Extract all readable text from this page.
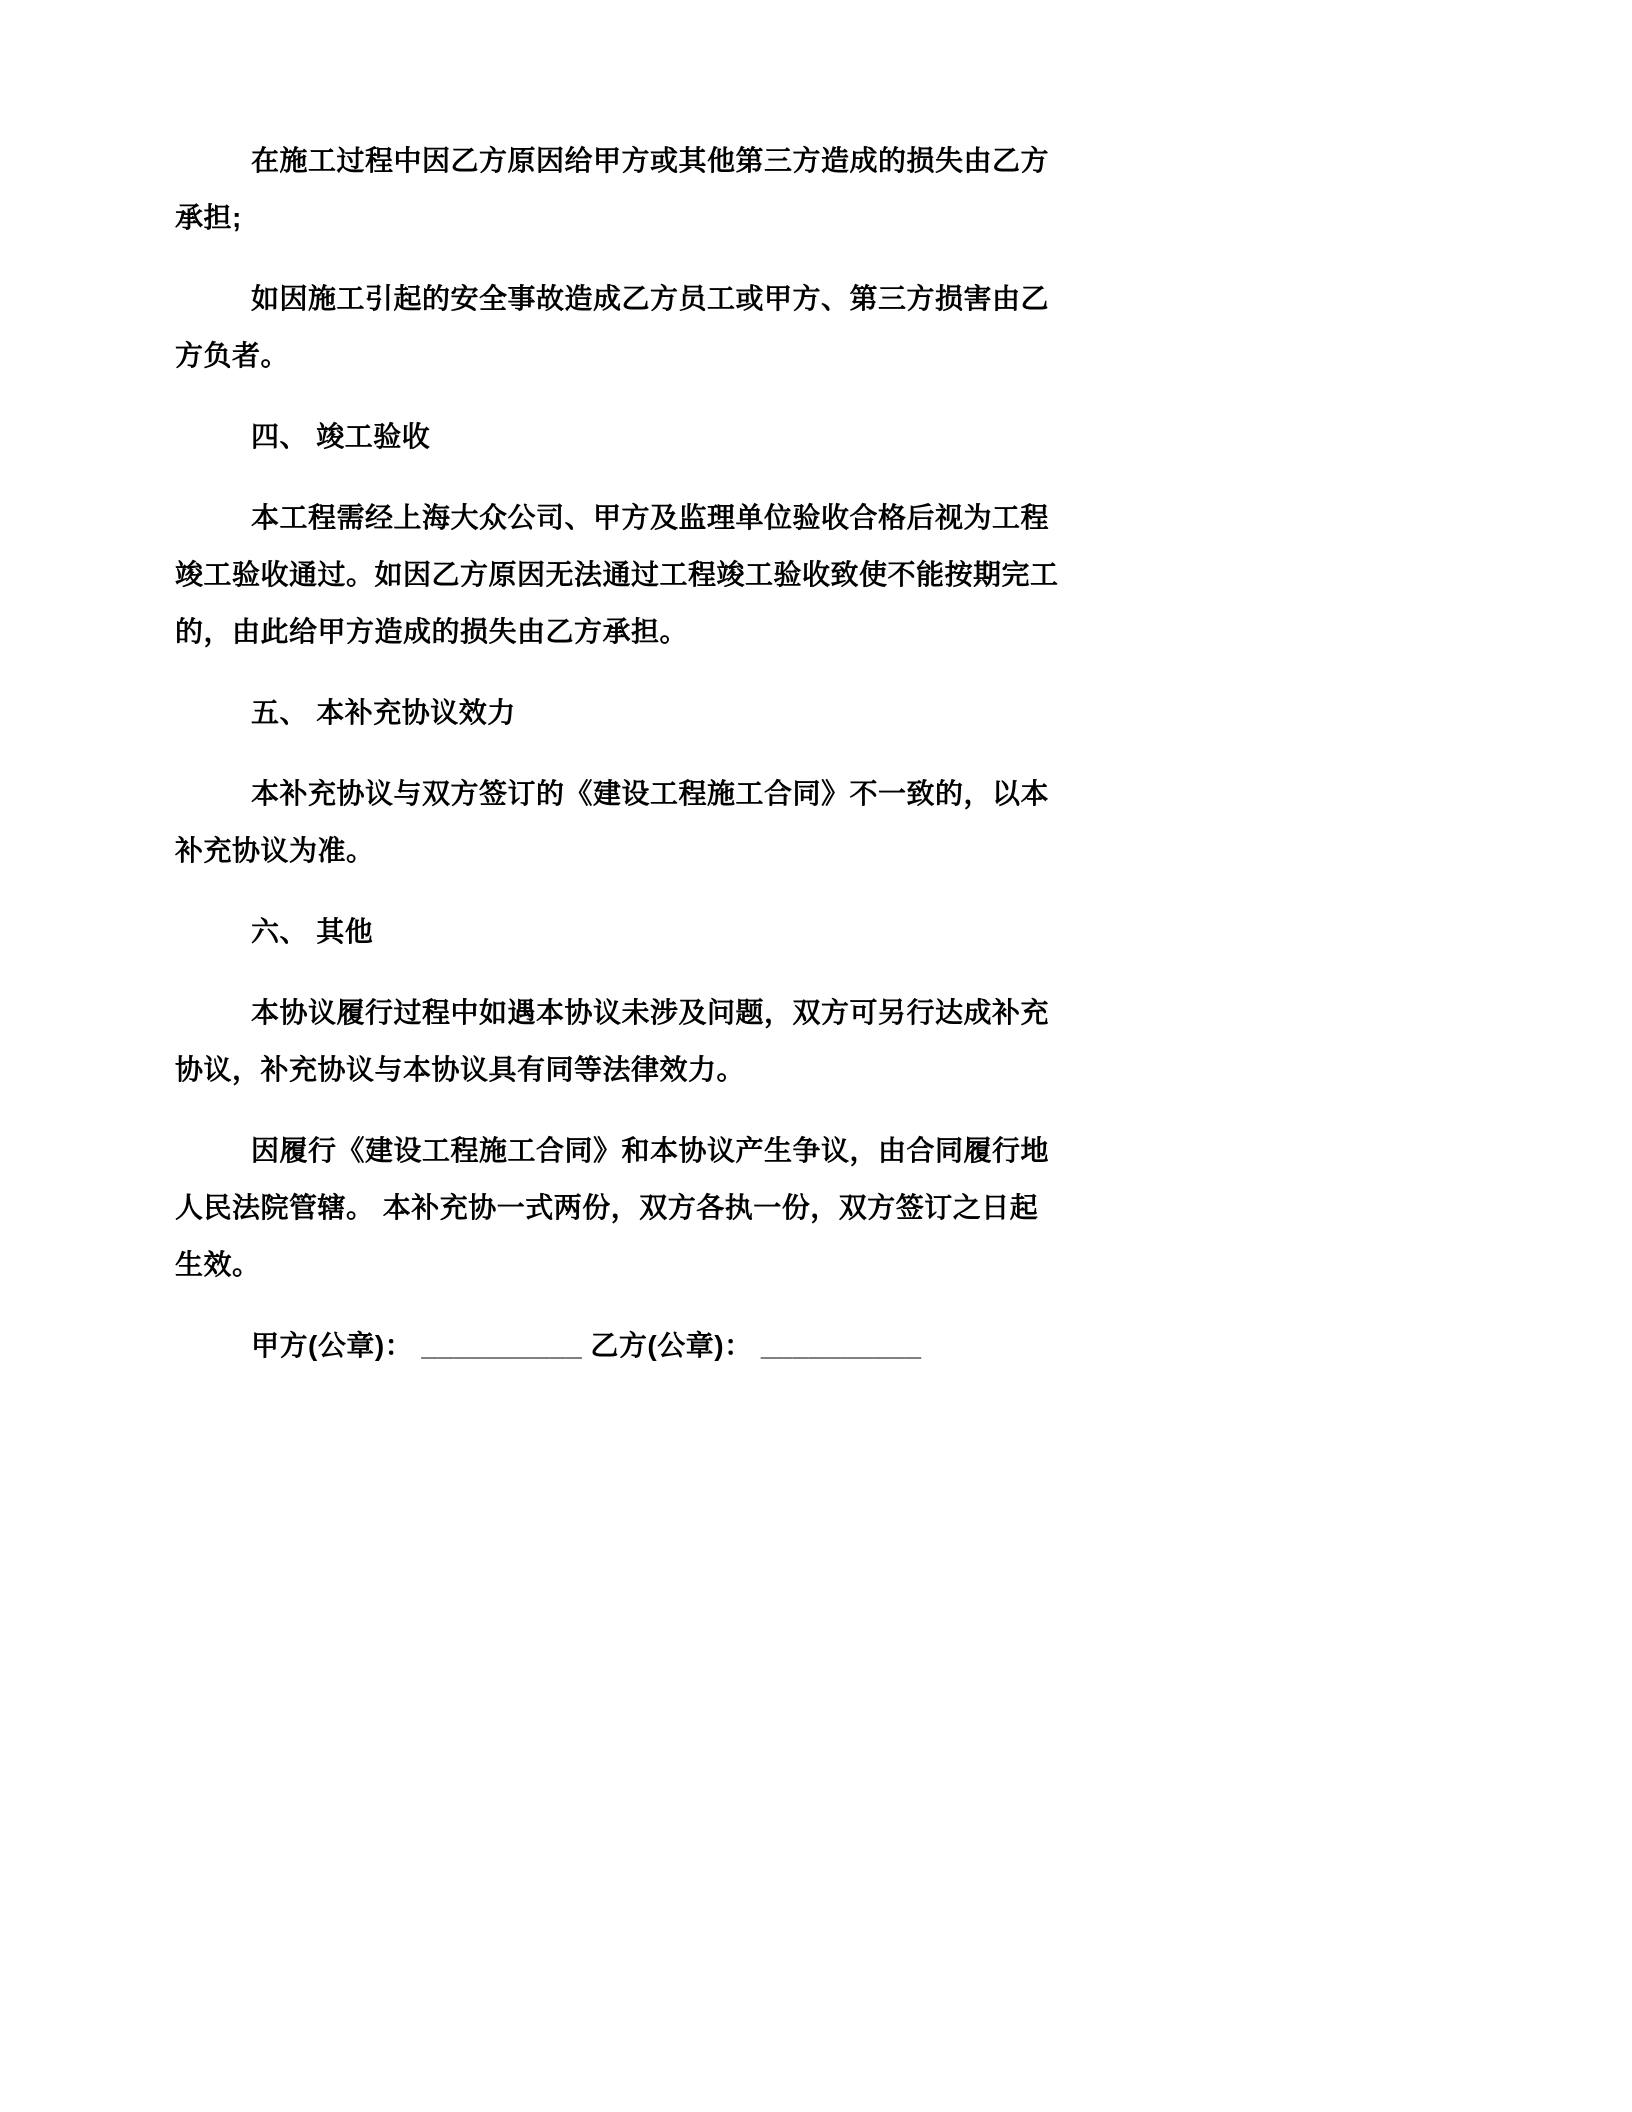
在施工过程中因乙方原因给甲方或其他第三方造成的损失由乙方承担;

如因施工引起的安全事故造成乙方员工或甲方、第三方损害由乙方负者。

四、 竣工验收

本工程需经上海大众公司、甲方及监理单位验收合格后视为工程竣工验收通过。如因乙方原因无法通过工程竣工验收致使不能按期完工的，由此给甲方造成的损失由乙方承担。

五、 本补充协议效力

本补充协议与双方签订的《建设工程施工合同》不一致的，以本补充协议为准。

六、 其他

本协议履行过程中如遇本协议未涉及问题，双方可另行达成补充协议，补充协议与本协议具有同等法律效力。

因履行《建设工程施工合同》和本协议产生争议，由合同履行地人民法院管辖。 本补充协一式两份，双方各执一份，双方签订之日起生效。

甲方(公章)： __________ 乙方(公章)： __________
